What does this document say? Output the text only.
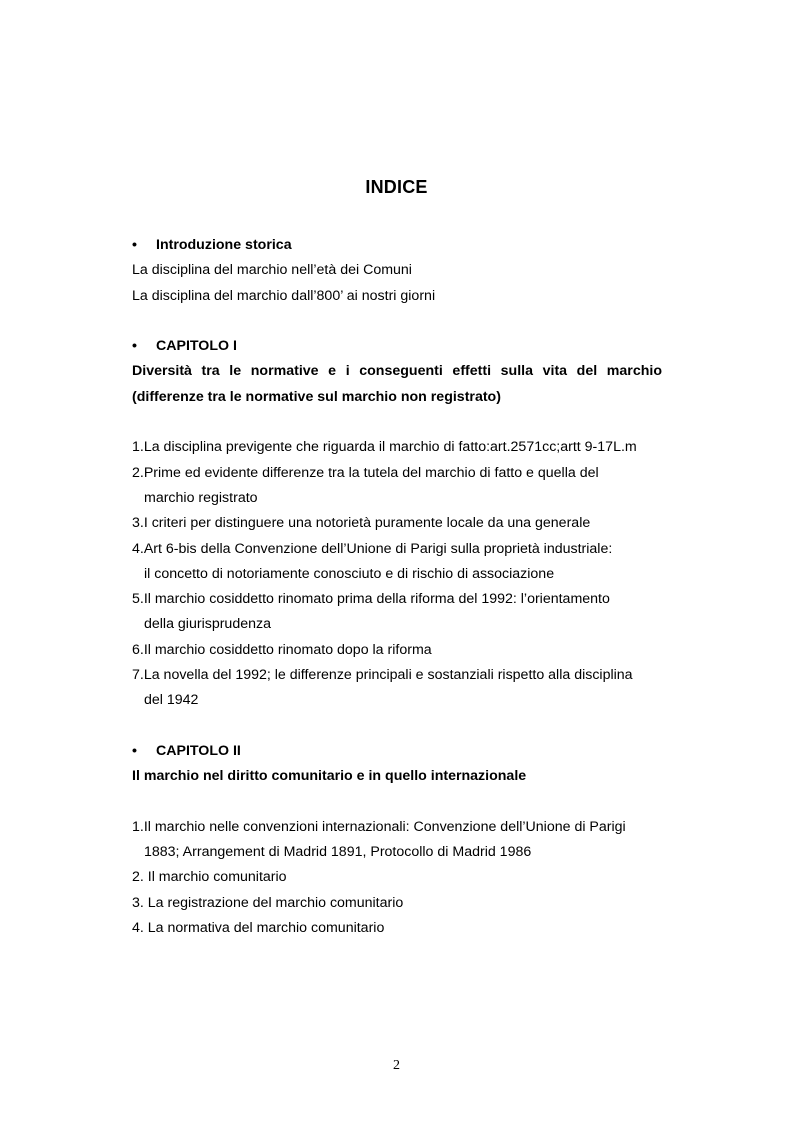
INDICE
•	Introduzione storica
La disciplina del marchio nell’età dei Comuni
La disciplina del marchio dall’800’ ai nostri giorni
•	CAPITOLO I
Diversità tra le normative e i conseguenti effetti sulla vita del marchio
(differenze tra le normative sul marchio non registrato)
1.La disciplina previgente che riguarda il marchio di fatto:art.2571cc;artt 9-17L.m
2.Prime ed evidente differenze tra la tutela del marchio di fatto e quella del
marchio registrato
3.I criteri per distinguere una notorietà puramente locale da una generale
4.Art 6-bis della Convenzione dell’Unione di Parigi sulla proprietà industriale:
il concetto di notoriamente conosciuto e di rischio di associazione
5.Il marchio cosiddetto rinomato prima della riforma del 1992: l’orientamento
della giurisprudenza
6.Il marchio cosiddetto rinomato dopo la riforma
7.La novella del 1992; le differenze principali e sostanziali rispetto alla disciplina
del 1942
•	CAPITOLO II
Il marchio nel diritto comunitario e in quello internazionale
1.Il marchio nelle convenzioni internazionali: Convenzione dell’Unione di Parigi
1883; Arrangement di Madrid 1891, Protocollo di Madrid 1986
2. Il marchio comunitario
3. La registrazione del marchio comunitario
4. La normativa del marchio comunitario
2
